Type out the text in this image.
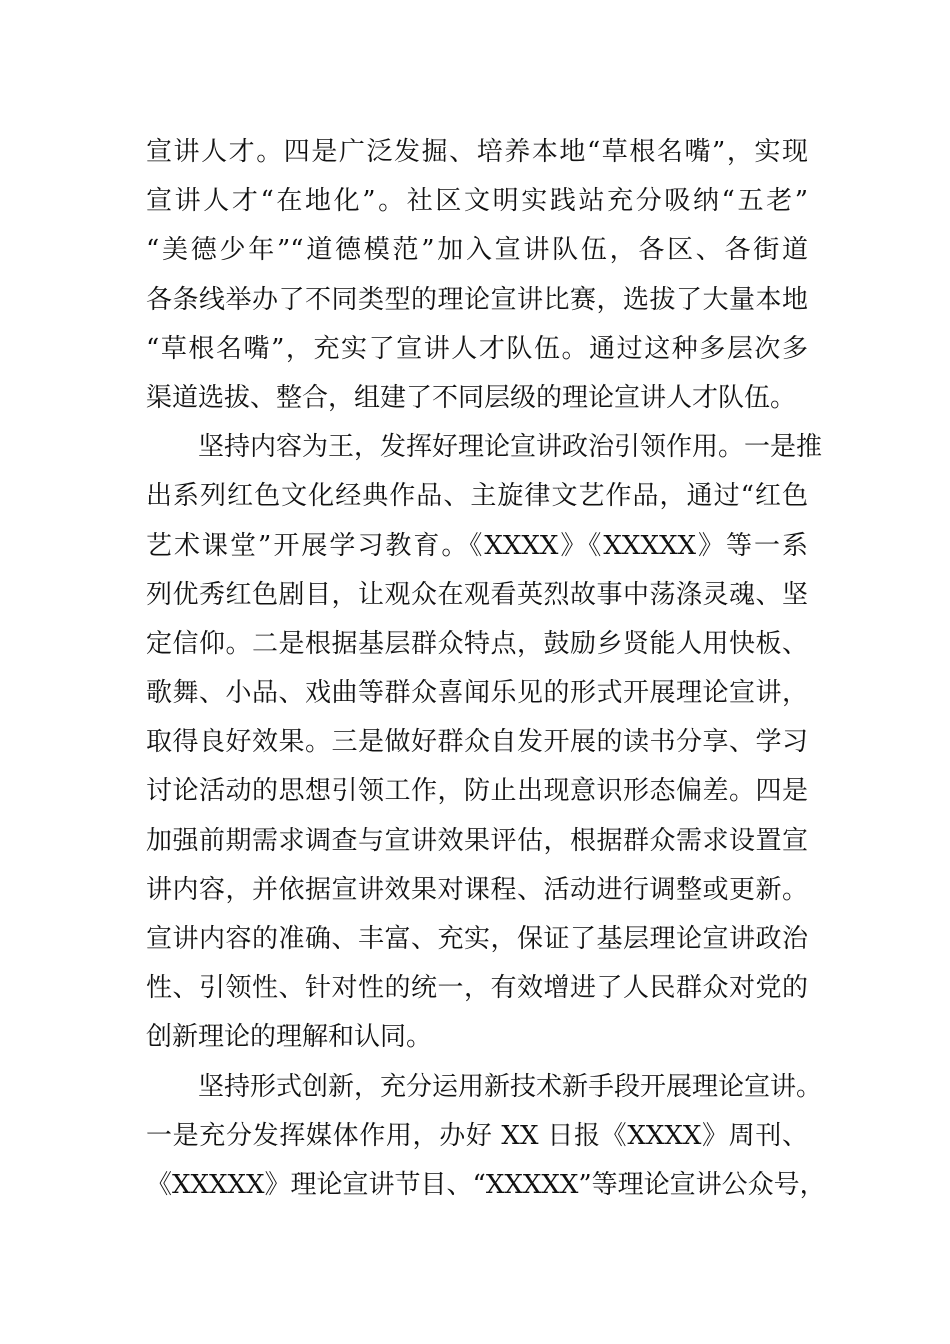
宣讲人才。四是广泛发掘、培养本地“草根名嘴”，实现
宣讲人才“在地化”。社区文明实践站充分吸纳“五老”
“美德少年”“道德模范”加入宣讲队伍，各区、各街道
各条线举办了不同类型的理论宣讲比赛，选拔了大量本地
“草根名嘴”，充实了宣讲人才队伍。通过这种多层次多
渠道选拔、整合，组建了不同层级的理论宣讲人才队伍。
　　坚持内容为王，发挥好理论宣讲政治引领作用。一是推
出系列红色文化经典作品、主旋律文艺作品，通过“红色
艺术课堂”开展学习教育。《XXXX》《XXXXX》等一系
列优秀红色剧目，让观众在观看英烈故事中荡涤灵魂、坚
定信仰。二是根据基层群众特点，鼓励乡贤能人用快板、
歌舞、小品、戏曲等群众喜闻乐见的形式开展理论宣讲，
取得良好效果。三是做好群众自发开展的读书分享、学习
讨论活动的思想引领工作，防止出现意识形态偏差。四是
加强前期需求调查与宣讲效果评估，根据群众需求设置宣
讲内容，并依据宣讲效果对课程、活动进行调整或更新。
宣讲内容的准确、丰富、充实，保证了基层理论宣讲政治
性、引领性、针对性的统一，有效增进了人民群众对党的
创新理论的理解和认同。
　　坚持形式创新，充分运用新技术新手段开展理论宣讲。
一是充分发挥媒体作用，办好 XX 日报《XXXX》周刊、
《XXXXX》理论宣讲节目、“XXXXX”等理论宣讲公众号，
